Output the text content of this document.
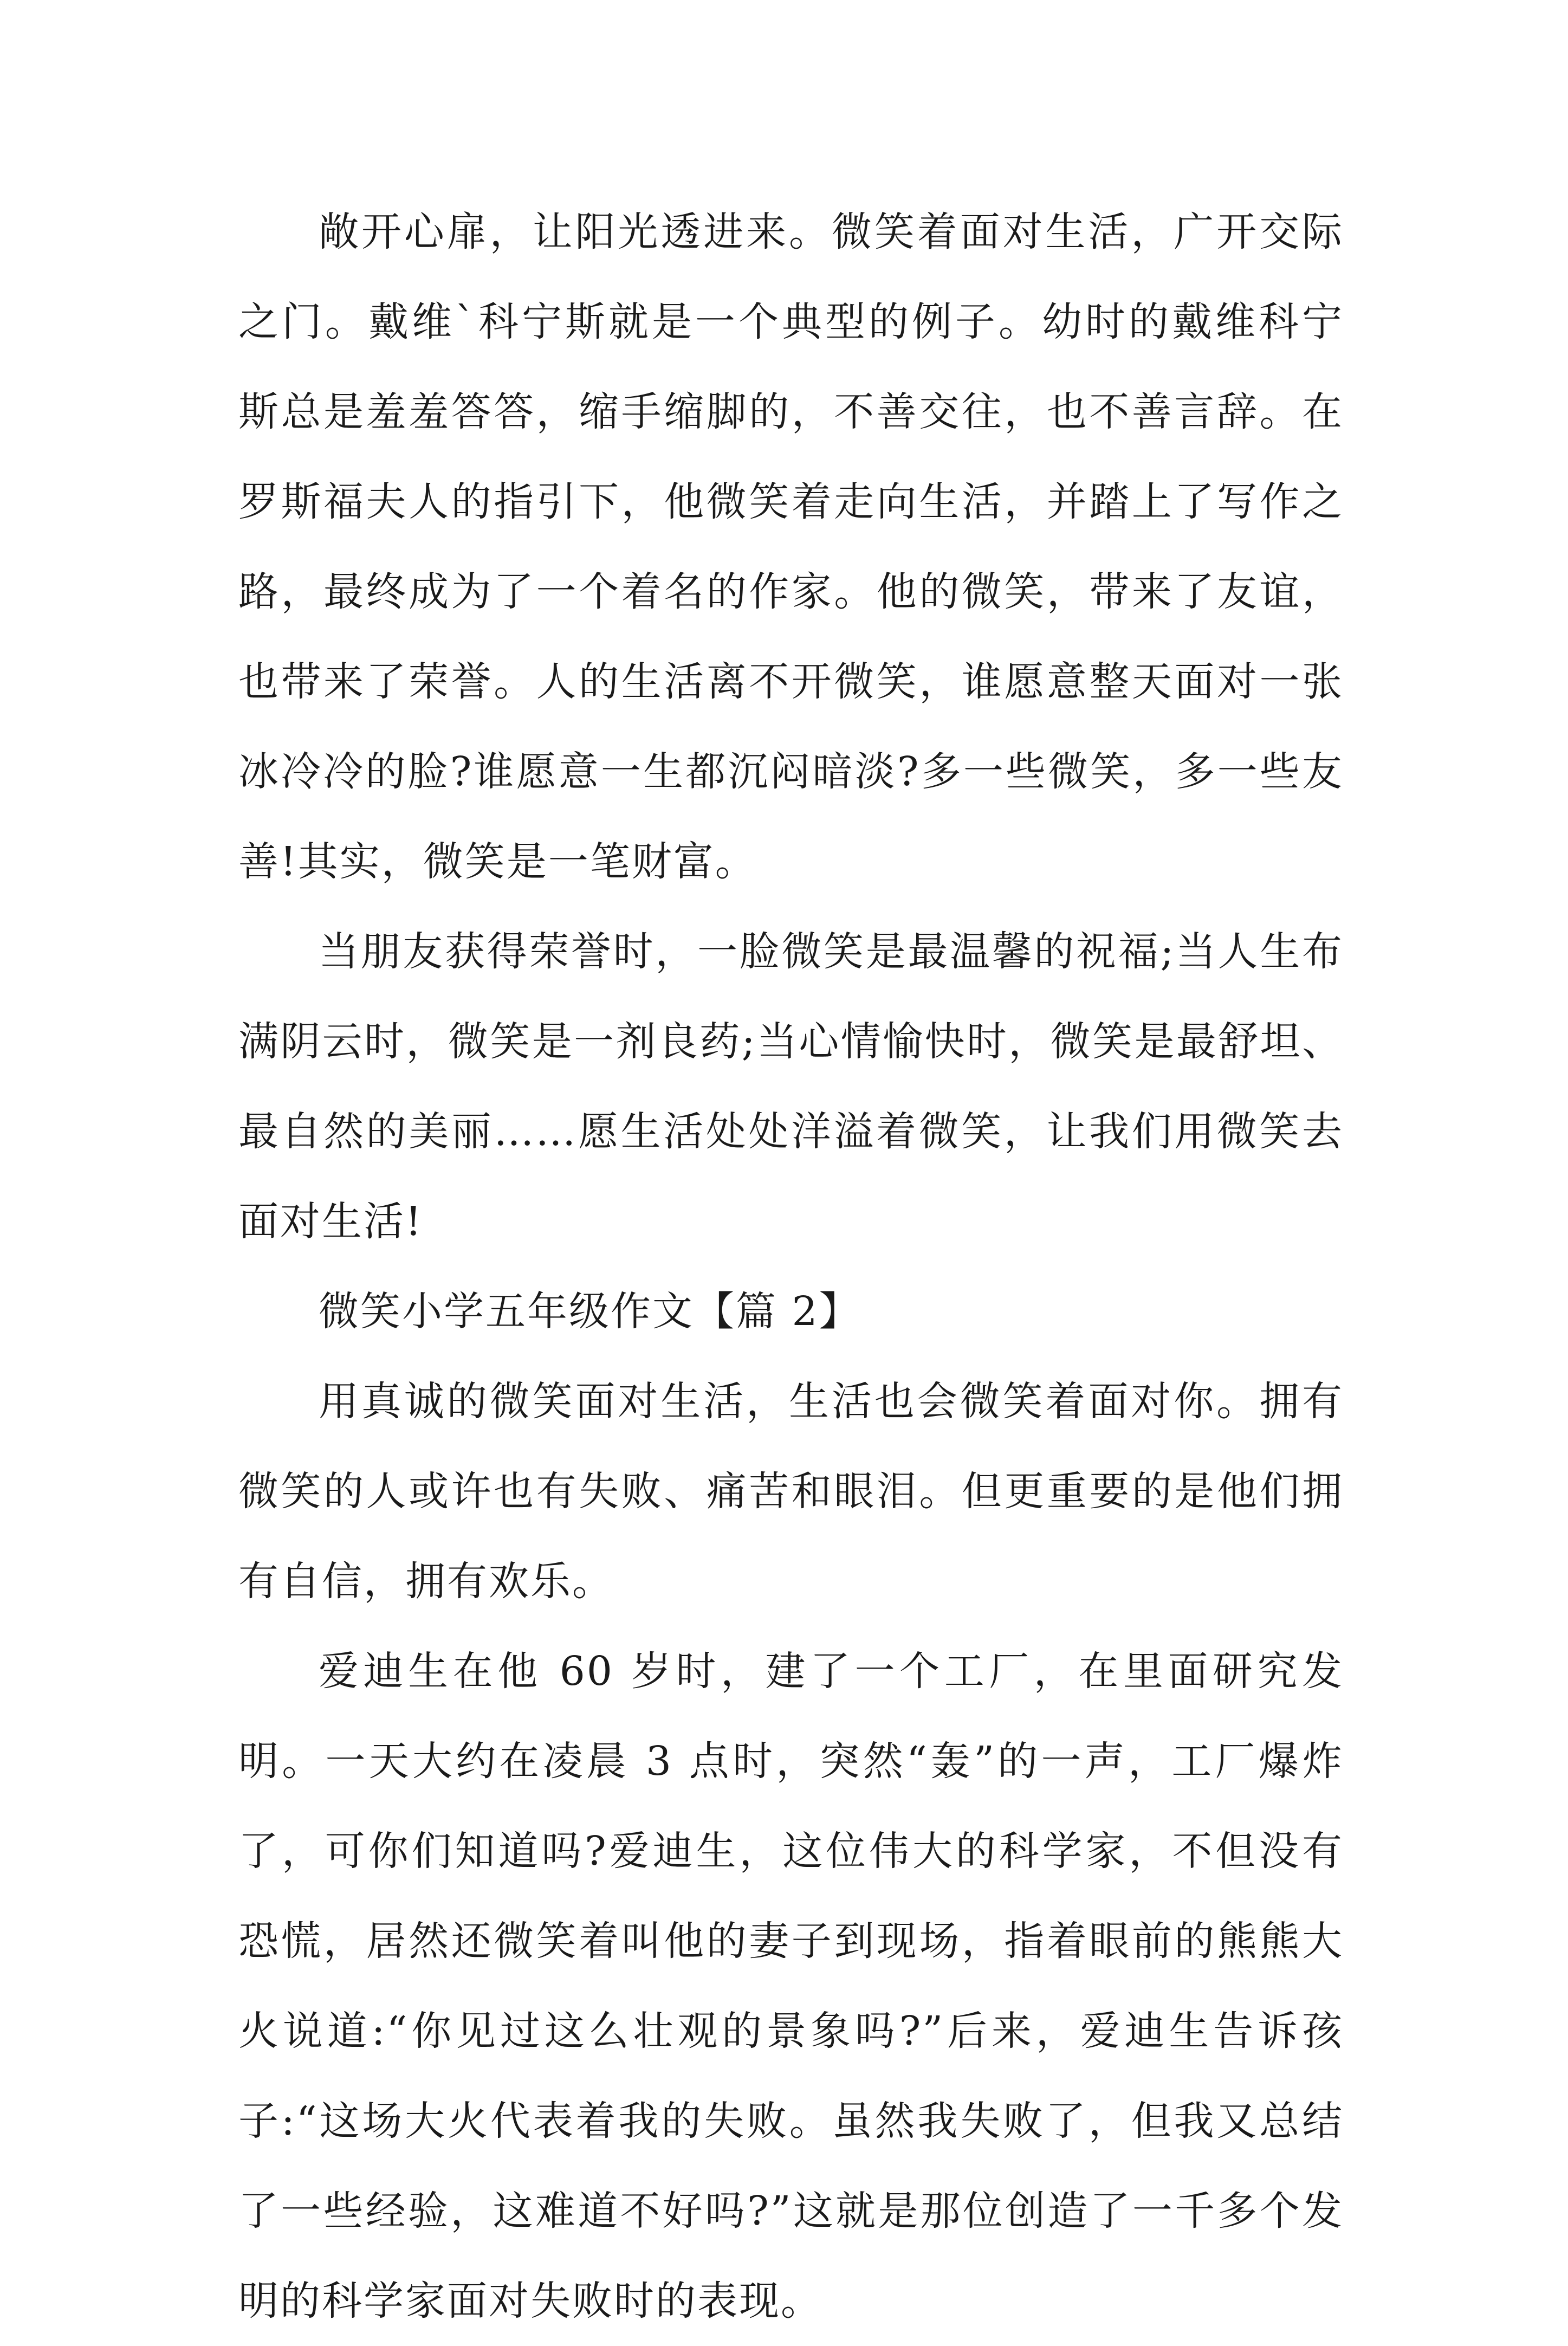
敞开心扉，让阳光透进来。微笑着面对生活，广开交际之门。戴维`科宁斯就是一个典型的例子。幼时的戴维科宁斯总是羞羞答答，缩手缩脚的，不善交往，也不善言辞。在罗斯福夫人的指引下，他微笑着走向生活，并踏上了写作之路，最终成为了一个着名的作家。他的微笑，带来了友谊，也带来了荣誉。人的生活离不开微笑，谁愿意整天面对一张冰冷冷的脸?谁愿意一生都沉闷暗淡?多一些微笑，多一些友善!其实，微笑是一笔财富。

当朋友获得荣誉时，一脸微笑是最温馨的祝福;当人生布满阴云时，微笑是一剂良药;当心情愉快时，微笑是最舒坦、最自然的美丽……愿生活处处洋溢着微笑，让我们用微笑去面对生活!

微笑小学五年级作文【篇 2】

用真诚的微笑面对生活，生活也会微笑着面对你。拥有微笑的人或许也有失败、痛苦和眼泪。但更重要的是他们拥有自信，拥有欢乐。

爱迪生在他 60 岁时，建了一个工厂，在里面研究发明。一天大约在凌晨 3 点时，突然“轰”的一声，工厂爆炸了，可你们知道吗?爱迪生，这位伟大的科学家，不但没有恐慌，居然还微笑着叫他的妻子到现场，指着眼前的熊熊大火说道:“你见过这么壮观的景象吗?”后来，爱迪生告诉孩子:“这场大火代表着我的失败。虽然我失败了，但我又总结了一些经验，这难道不好吗?”这就是那位创造了一千多个发明的科学家面对失败时的表现。
